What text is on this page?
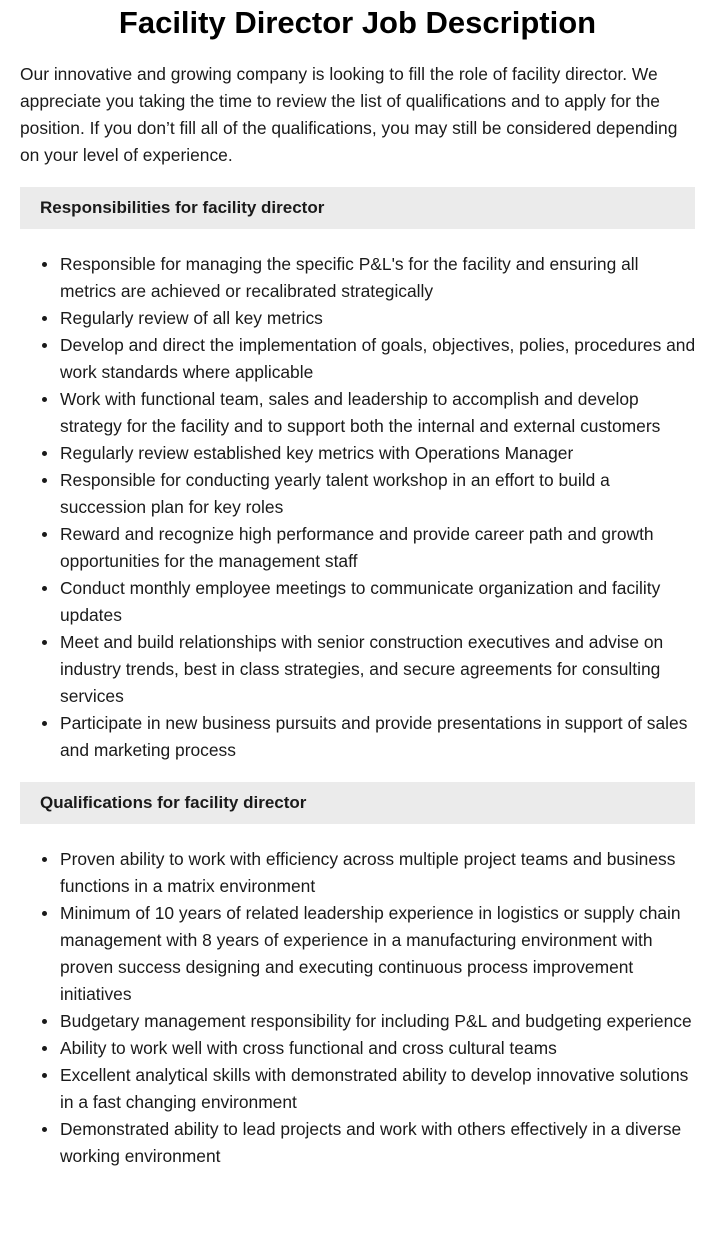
Facility Director Job Description

Our innovative and growing company is looking to fill the role of facility director. We appreciate you taking the time to review the list of qualifications and to apply for the position. If you don’t fill all of the qualifications, you may still be considered depending on your level of experience.

Responsibilities for facility director
Responsible for managing the specific P&L's for the facility and ensuring all metrics are achieved or recalibrated strategically
Regularly review of all key metrics
Develop and direct the implementation of goals, objectives, polies, procedures and work standards where applicable
Work with functional team, sales and leadership to accomplish and develop strategy for the facility and to support both the internal and external customers
Regularly review established key metrics with Operations Manager
Responsible for conducting yearly talent workshop in an effort to build a succession plan for key roles
Reward and recognize high performance and provide career path and growth opportunities for the management staff
Conduct monthly employee meetings to communicate organization and facility updates
Meet and build relationships with senior construction executives and advise on industry trends, best in class strategies, and secure agreements for consulting services
Participate in new business pursuits and provide presentations in support of sales and marketing process
Qualifications for facility director
Proven ability to work with efficiency across multiple project teams and business functions in a matrix environment
Minimum of 10 years of related leadership experience in logistics or supply chain management with 8 years of experience in a manufacturing environment with proven success designing and executing continuous process improvement initiatives
Budgetary management responsibility for including P&L and budgeting experience
Ability to work well with cross functional and cross cultural teams
Excellent analytical skills with demonstrated ability to develop innovative solutions in a fast changing environment
Demonstrated ability to lead projects and work with others effectively in a diverse working environment
